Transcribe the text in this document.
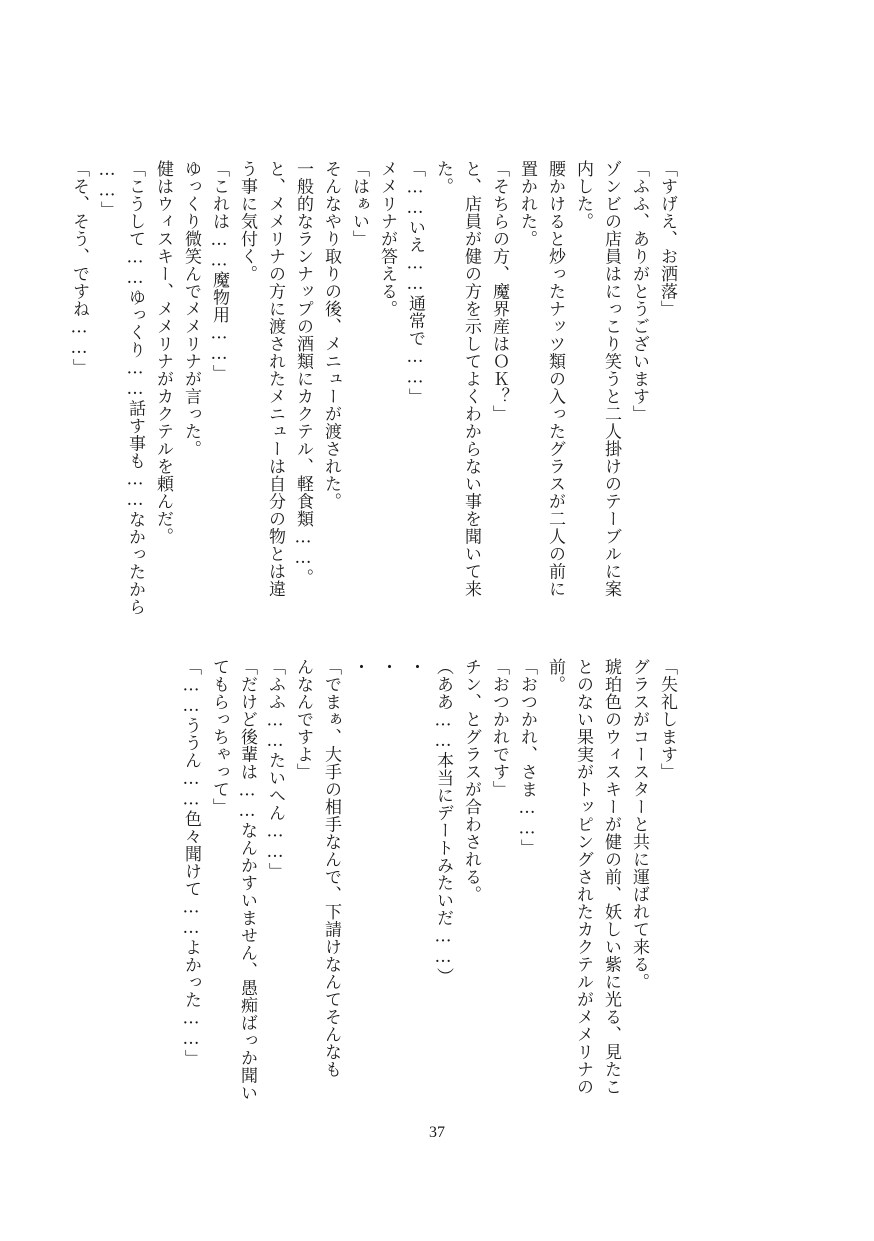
「すげえ、お洒落」
「ふふ、ありがとうございます」
ゾンビの店員はにっこり笑うと二人掛けのテーブルに案
内した。
腰かけると炒ったナッツ類の入ったグラスが二人の前に
置かれた。
「そちらの方、魔界産はＯＫ？」
と、店員が健の方を示してよくわからない事を聞いて来
た。
「……いえ……通常で……」
メメリナが答える。
「はぁい」
そんなやり取りの後、メニューが渡された。
一般的なランナップの酒類にカクテル、軽食類……。
と、メメリナの方に渡されたメニューは自分の物とは違
う事に気付く。
「これは……魔物用……」
ゆっくり微笑んでメメリナが言った。
健はウィスキー、メメリナがカクテルを頼んだ。
「こうして……ゆっくり……話す事も……なかったから
……」
「そ、そう、ですね……」
「失礼します」
グラスがコースターと共に運ばれて来る。
琥珀色のウィスキーが健の前、妖しい紫に光る、見たこ
とのない果実がトッピングされたカクテルがメメリナの
前。
「おつかれ、さま……」
「おつかれです」
チン、とグラスが合わされる。
（ああ……本当にデートみたいだ……）
・
・
・
「でまぁ、大手の相手なんで、下請けなんてそんなも
んなんですよ」
「ふふ……たいへん……」
「だけど後輩は……なんかすいません、愚痴ばっか聞い
てもらっちゃって」
「……ううん……色々聞けて……よかった……」
37
